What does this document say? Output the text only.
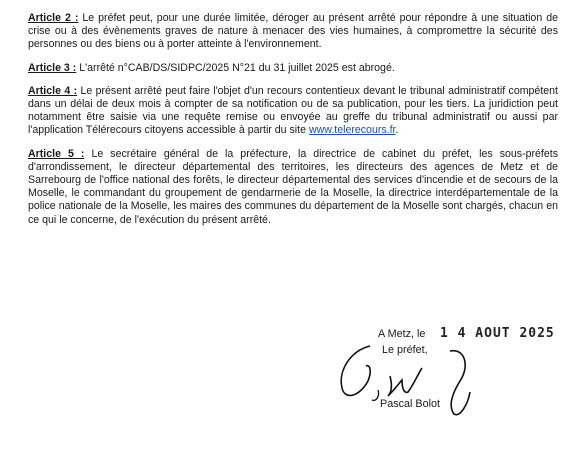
Article 2 : Le préfet peut, pour une durée limitée, déroger au présent arrêté pour répondre à une situation de crise ou à des évènements graves de nature à menacer des vies humaines, à compromettre la sécurité des personnes ou des biens ou à porter atteinte à l'environnement.

Article 3 : L'arrêté n°CAB/DS/SIDPC/2025 N°21 du 31 juillet 2025 est abrogé.

Article 4 : Le présent arrêté peut faire l'objet d'un recours contentieux devant le tribunal administratif compétent dans un délai de deux mois à compter de sa notification ou de sa publication, pour les tiers. La juridiction peut notamment être saisie via une requête remise ou envoyée au greffe du tribunal administratif ou aussi par l'application Télérecours citoyens accessible à partir du site www.telerecours.fr.

Article 5 : Le secrétaire général de la préfecture, la directrice de cabinet du préfet, les sous-préfets d'arrondissement, le directeur départemental des territoires, les directeurs des agences de Metz et de Sarrebourg de l'office national des forêts, le directeur départemental des services d'incendie et de secours de la Moselle, le commandant du groupement de gendarmerie de la Moselle, la directrice interdépartementale de la police nationale de la Moselle, les maires des communes du département de la Moselle sont chargés, chacun en ce qui le concerne, de l'exécution du présent arrêté.

A Metz, le 1 4 AOUT 2025
Le préfet,
Pascal Bolot
